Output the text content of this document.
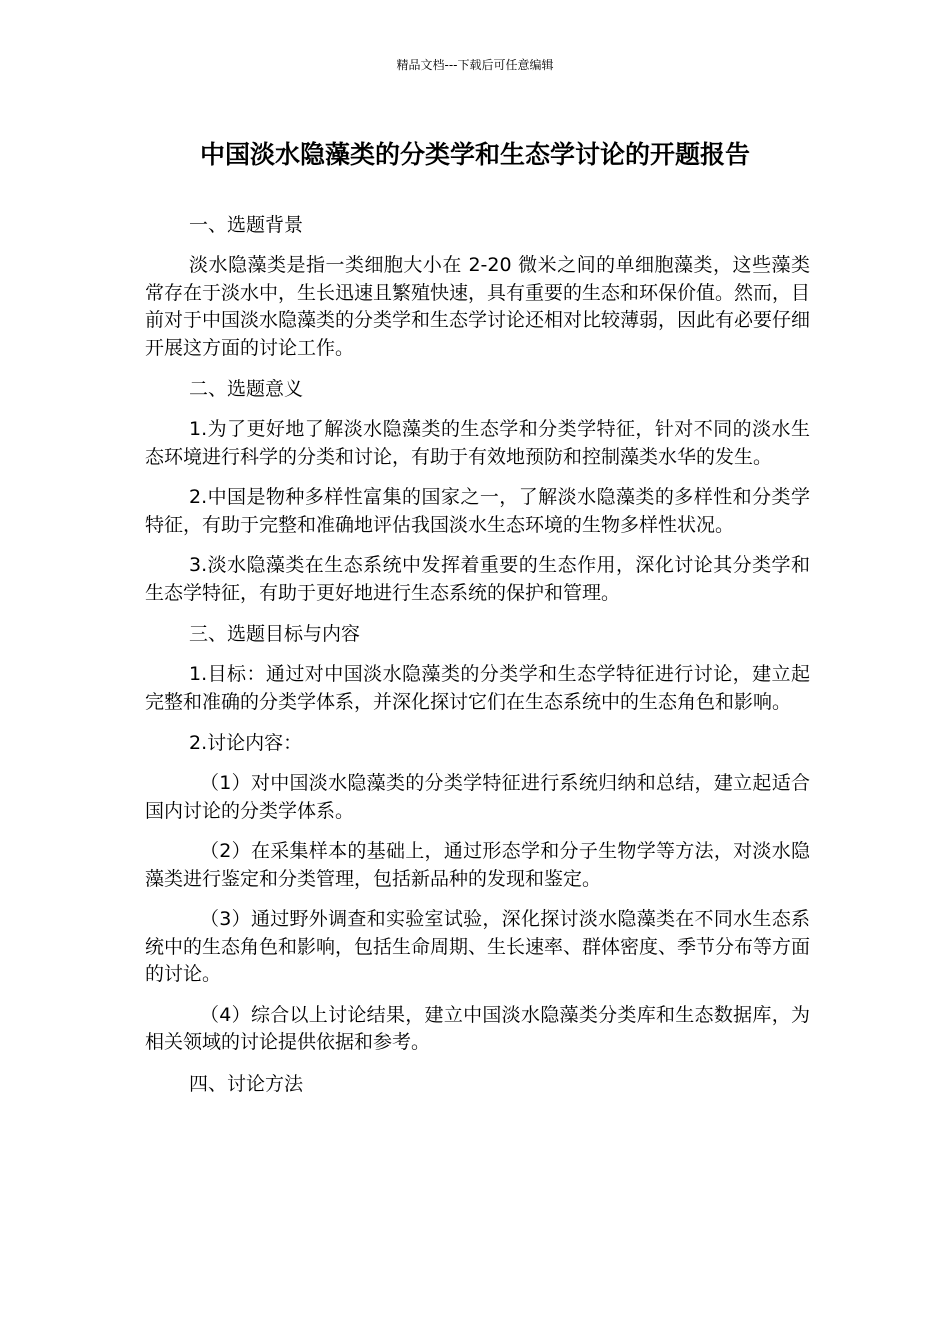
精品文档---下载后可任意编辑
中国淡水隐藻类的分类学和生态学讨论的开题报告
一、选题背景
淡水隐藻类是指一类细胞大小在 2-20 微米之间的单细胞藻类，这些藻类常存在于淡水中，生长迅速且繁殖快速，具有重要的生态和环保价值。然而，目前对于中国淡水隐藻类的分类学和生态学讨论还相对比较薄弱，因此有必要仔细开展这方面的讨论工作。
二、选题意义
1.为了更好地了解淡水隐藻类的生态学和分类学特征，针对不同的淡水生态环境进行科学的分类和讨论，有助于有效地预防和控制藻类水华的发生。
2.中国是物种多样性富集的国家之一，了解淡水隐藻类的多样性和分类学特征，有助于完整和准确地评估我国淡水生态环境的生物多样性状况。
3.淡水隐藻类在生态系统中发挥着重要的生态作用，深化讨论其分类学和生态学特征，有助于更好地进行生态系统的保护和管理。
三、选题目标与内容
1.目标：通过对中国淡水隐藻类的分类学和生态学特征进行讨论，建立起完整和准确的分类学体系，并深化探讨它们在生态系统中的生态角色和影响。
2.讨论内容：
（1）对中国淡水隐藻类的分类学特征进行系统归纳和总结，建立起适合国内讨论的分类学体系。
（2）在采集样本的基础上，通过形态学和分子生物学等方法，对淡水隐藻类进行鉴定和分类管理，包括新品种的发现和鉴定。
（3）通过野外调查和实验室试验，深化探讨淡水隐藻类在不同水生态系统中的生态角色和影响，包括生命周期、生长速率、群体密度、季节分布等方面的讨论。
（4）综合以上讨论结果，建立中国淡水隐藻类分类库和生态数据库，为相关领域的讨论提供依据和参考。
四、讨论方法
